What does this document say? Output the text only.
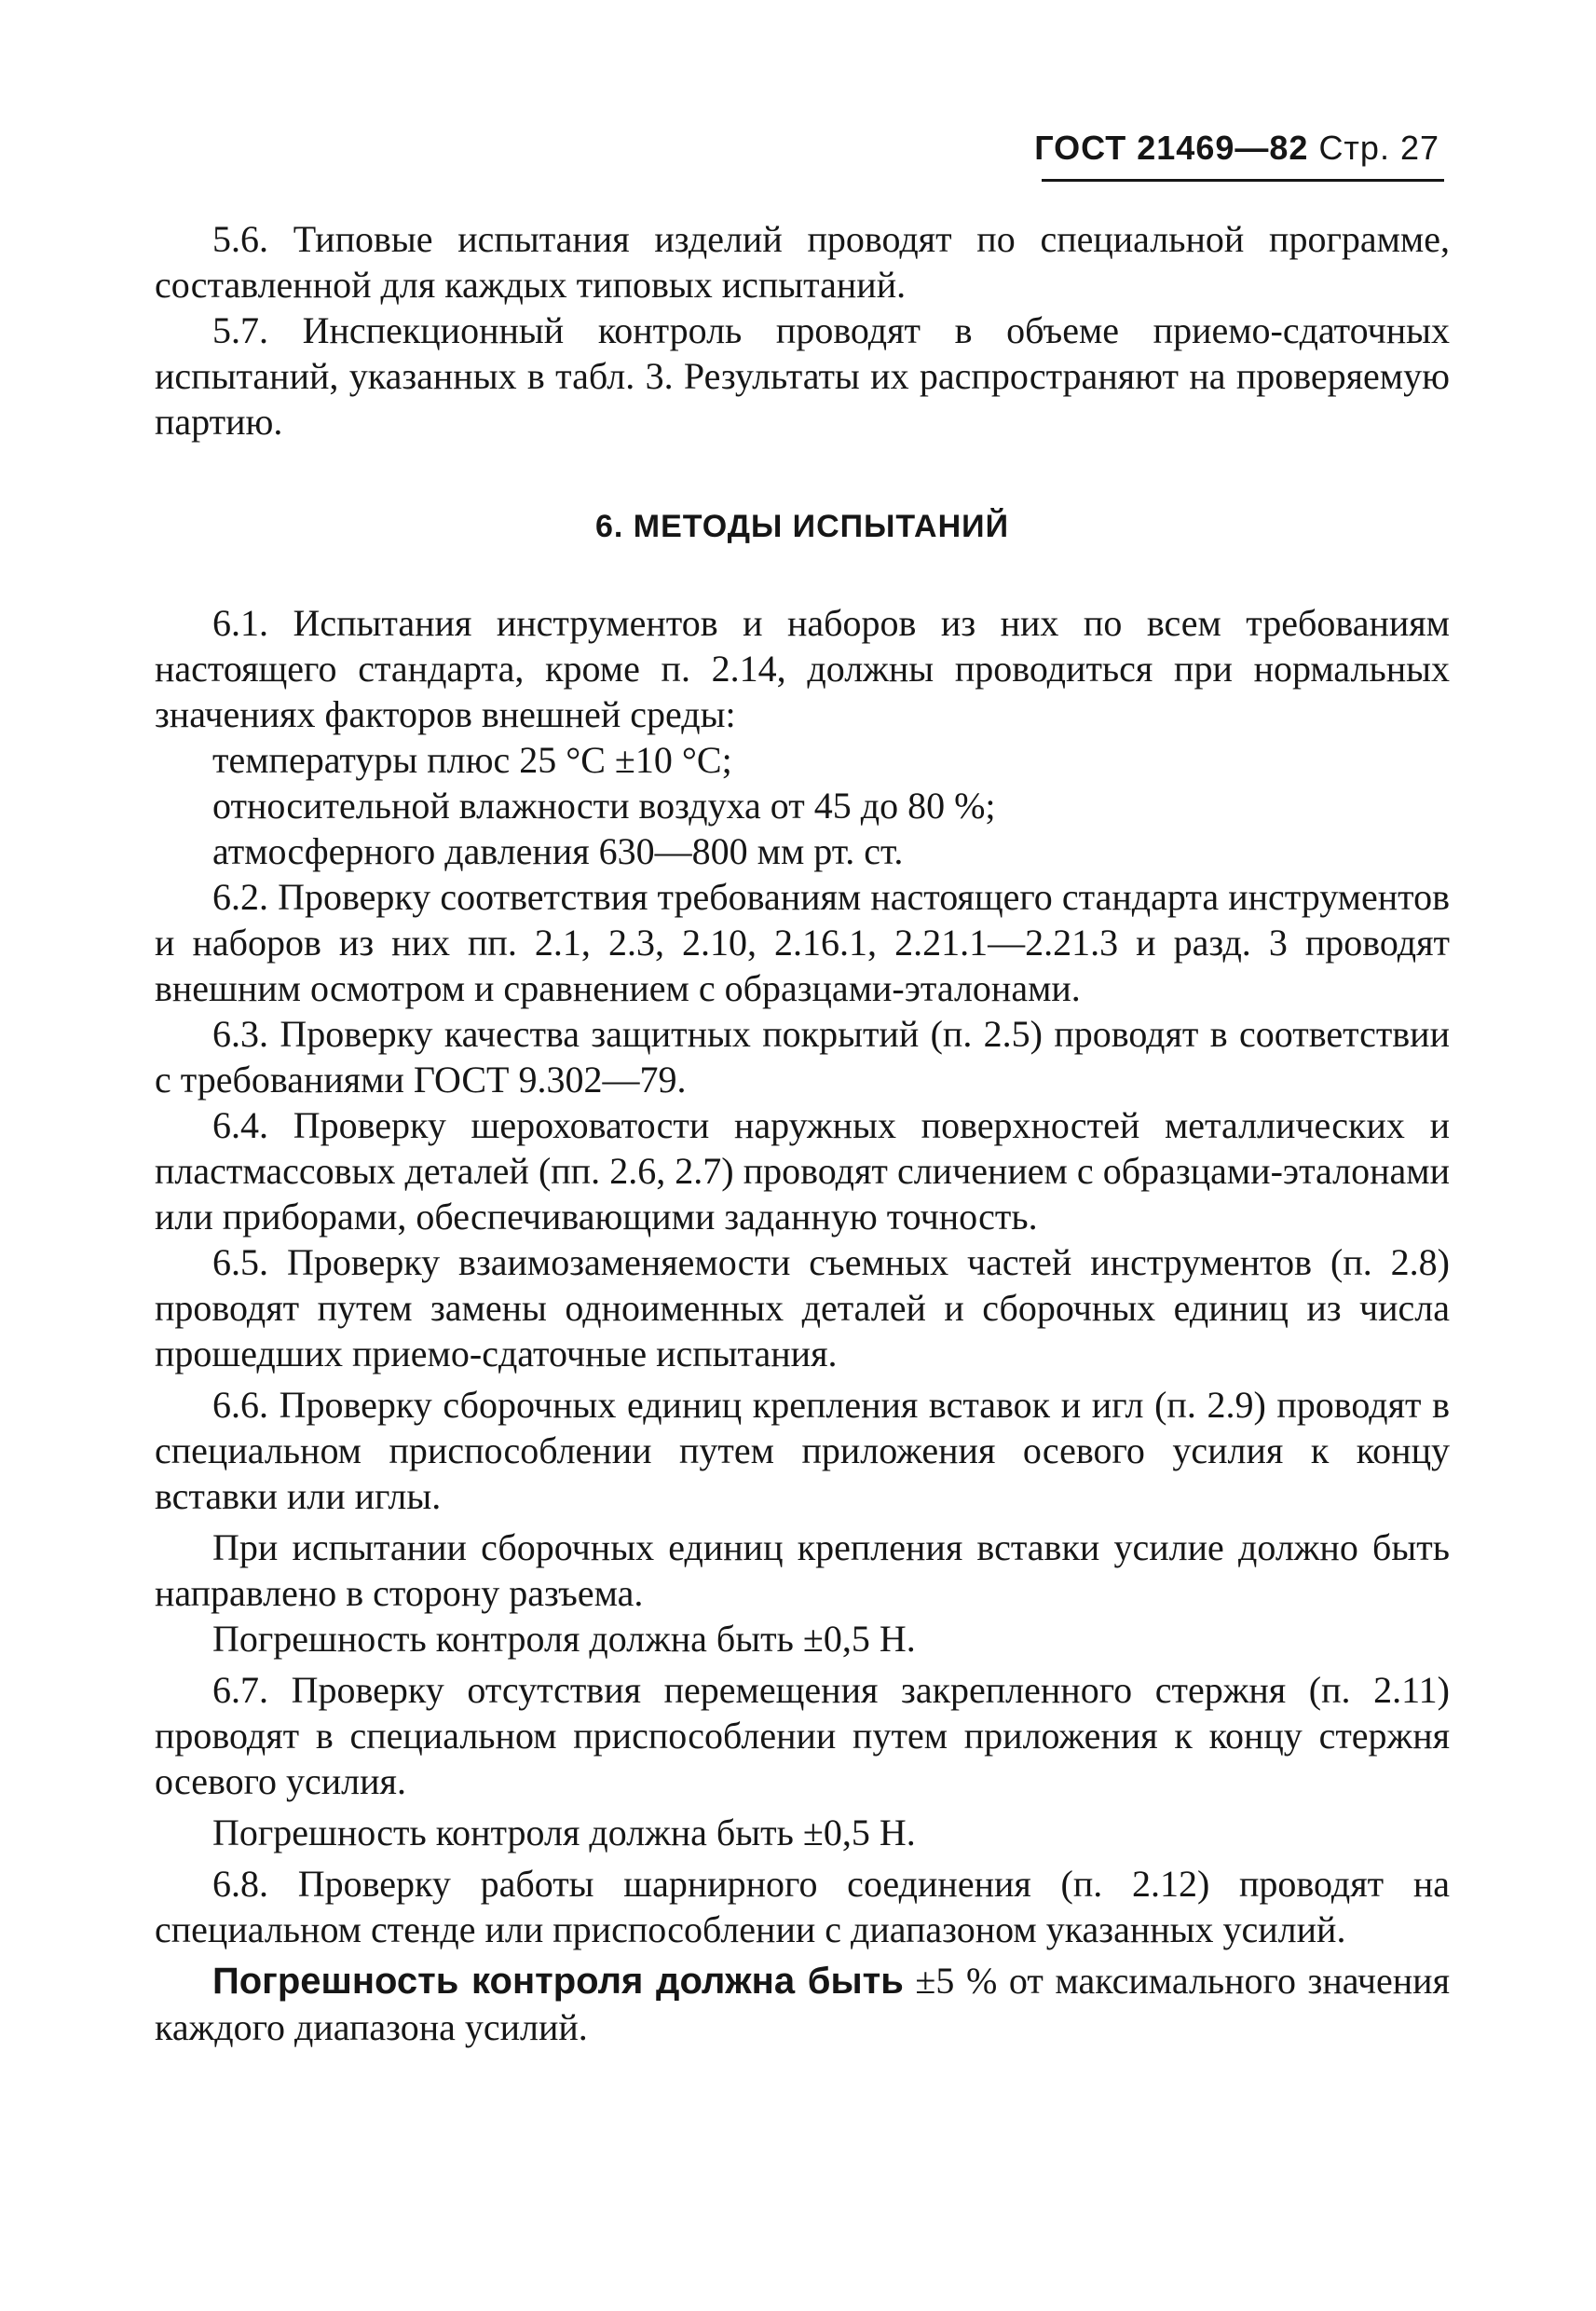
ГОСТ 21469—82 Стр. 27

5.6. Типовые испытания изделий проводят по специальной программе, составленной для каждых типовых испытаний.

5.7. Инспекционный контроль проводят в объеме приемо-сдаточных испытаний, указанных в табл. 3. Результаты их распространяют на проверяемую партию.

6. МЕТОДЫ ИСПЫТАНИЙ

6.1. Испытания инструментов и наборов из них по всем требованиям настоящего стандарта, кроме п. 2.14, должны проводиться при нормальных значениях факторов внешней среды:

температуры плюс 25 °С ±10 °С;

относительной влажности воздуха от 45 до 80 %;

атмосферного давления 630—800 мм рт. ст.

6.2. Проверку соответствия требованиям настоящего стандарта инструментов и наборов из них пп. 2.1, 2.3, 2.10, 2.16.1, 2.21.1—2.21.3 и разд. 3 проводят внешним осмотром и сравнением с образцами-эталонами.

6.3. Проверку качества защитных покрытий (п. 2.5) проводят в соответствии с требованиями ГОСТ 9.302—79.

6.4. Проверку шероховатости наружных поверхностей металлических и пластмассовых деталей (пп. 2.6, 2.7) проводят сличением с образцами-эталонами или приборами, обеспечивающими заданную точность.

6.5. Проверку взаимозаменяемости съемных частей инструментов (п. 2.8) проводят путем замены одноименных деталей и сборочных единиц из числа прошедших приемо-сдаточные испытания.

6.6. Проверку сборочных единиц крепления вставок и игл (п. 2.9) проводят в специальном приспособлении путем приложения осевого усилия к концу вставки или иглы.

При испытании сборочных единиц крепления вставки усилие должно быть направлено в сторону разъема.

Погрешность контроля должна быть ±0,5 Н.

6.7. Проверку отсутствия перемещения закрепленного стержня (п. 2.11) проводят в специальном приспособлении путем приложения к концу стержня осевого усилия.

Погрешность контроля должна быть ±0,5 Н.

6.8. Проверку работы шарнирного соединения (п. 2.12) проводят на специальном стенде или приспособлении с диапазоном указанных усилий.

Погрешность контроля должна быть ±5 % от максимального значения каждого диапазона усилий.
